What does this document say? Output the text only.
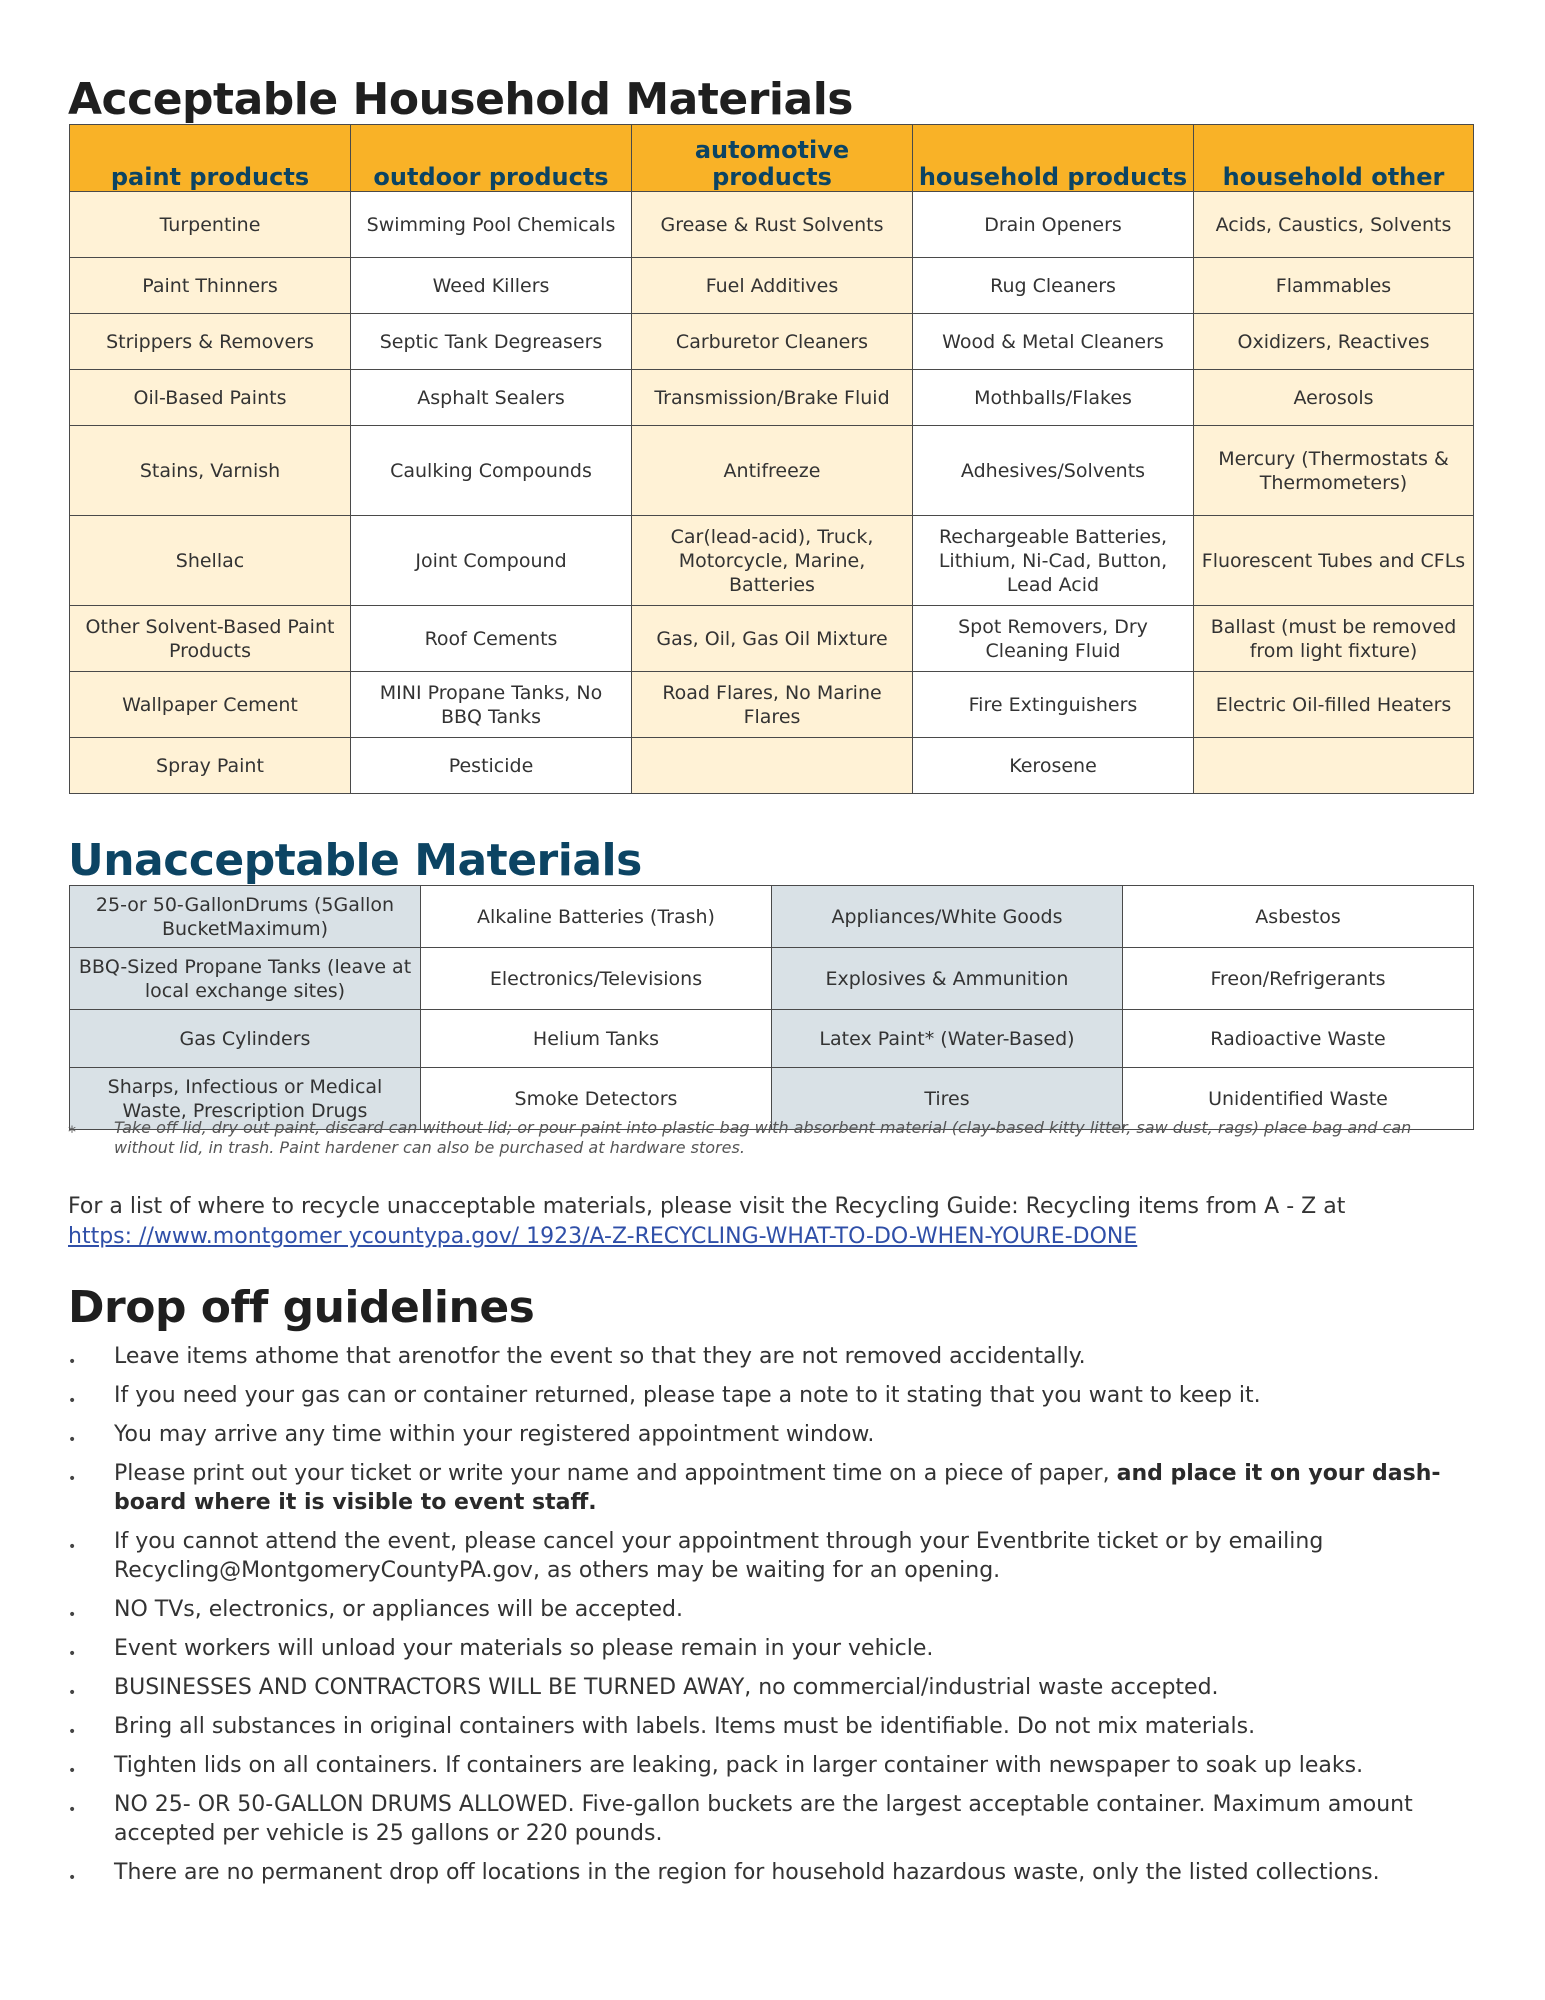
Acceptable Household Materials
paint products	outdoor products	automotive products	household products	household other
Turpentine	Swimming Pool Chemicals	Grease & Rust Solvents	Drain Openers	Acids, Caustics, Solvents
Paint Thinners	Weed Killers	Fuel Additives	Rug Cleaners	Flammables
Strippers & Removers	Septic Tank Degreasers	Carburetor Cleaners	Wood & Metal Cleaners	Oxidizers, Reactives
Oil-Based Paints	Asphalt Sealers	Transmission/Brake Fluid	Mothballs/Flakes	Aerosols
Stains, Varnish	Caulking Compounds	Antifreeze	Adhesives/Solvents	Mercury (Thermostats & Thermometers)
Shellac	Joint Compound	Car(lead-acid), Truck, Motorcycle, Marine, Batteries	Rechargeable Batteries, Lithium, Ni-Cad, Button, Lead Acid	Fluorescent Tubes and CFLs
Other Solvent-Based Paint Products	Roof Cements	Gas, Oil, Gas Oil Mixture	Spot Removers, Dry Cleaning Fluid	Ballast (must be removed from light fixture)
Wallpaper Cement	MINI Propane Tanks, No BBQ Tanks	Road Flares, No Marine Flares	Fire Extinguishers	Electric Oil-filled Heaters
Spray Paint	Pesticide		Kerosene	
Unacceptable Materials
25-or 50-GallonDrums (5Gallon BucketMaximum)	Alkaline Batteries (Trash)	Appliances/White Goods	Asbestos
BBQ-Sized Propane Tanks (leave at local exchange sites)	Electronics/Televisions	Explosives & Ammunition	Freon/Refrigerants
Gas Cylinders	Helium Tanks	Latex Paint* (Water-Based)	Radioactive Waste
Sharps, Infectious or Medical Waste, Prescription Drugs	Smoke Detectors	Tires	Unidentified Waste
* Take off lid, dry out paint, discard can without lid; or pour paint into plastic bag with absorbent material (clay-based kitty litter, saw dust, rags) place bag and can without lid, in trash. Paint hardener can also be purchased at hardware stores.
For a list of where to recycle unacceptable materials, please visit the Recycling Guide: Recycling items from A - Z at
https: //www.montgomer ycountypa.gov/ 1923/A-Z-RECYCLING-WHAT-TO-DO-WHEN-YOURE-DONE
Drop off guidelines
• Leave items athome that arenotfor the event so that they are not removed accidentally.
• If you need your gas can or container returned, please tape a note to it stating that you want to keep it.
• You may arrive any time within your registered appointment window.
• Please print out your ticket or write your name and appointment time on a piece of paper, and place it on your dash-board where it is visible to event staff.
• If you cannot attend the event, please cancel your appointment through your Eventbrite ticket or by emailing Recycling@MontgomeryCountyPA.gov, as others may be waiting for an opening.
• NO TVs, electronics, or appliances will be accepted.
• Event workers will unload your materials so please remain in your vehicle.
• BUSINESSES AND CONTRACTORS WILL BE TURNED AWAY, no commercial/industrial waste accepted.
• Bring all substances in original containers with labels. Items must be identifiable. Do not mix materials.
• Tighten lids on all containers. If containers are leaking, pack in larger container with newspaper to soak up leaks.
• NO 25- OR 50-GALLON DRUMS ALLOWED. Five-gallon buckets are the largest acceptable container. Maximum amount accepted per vehicle is 25 gallons or 220 pounds.
• There are no permanent drop off locations in the region for household hazardous waste, only the listed collections.
